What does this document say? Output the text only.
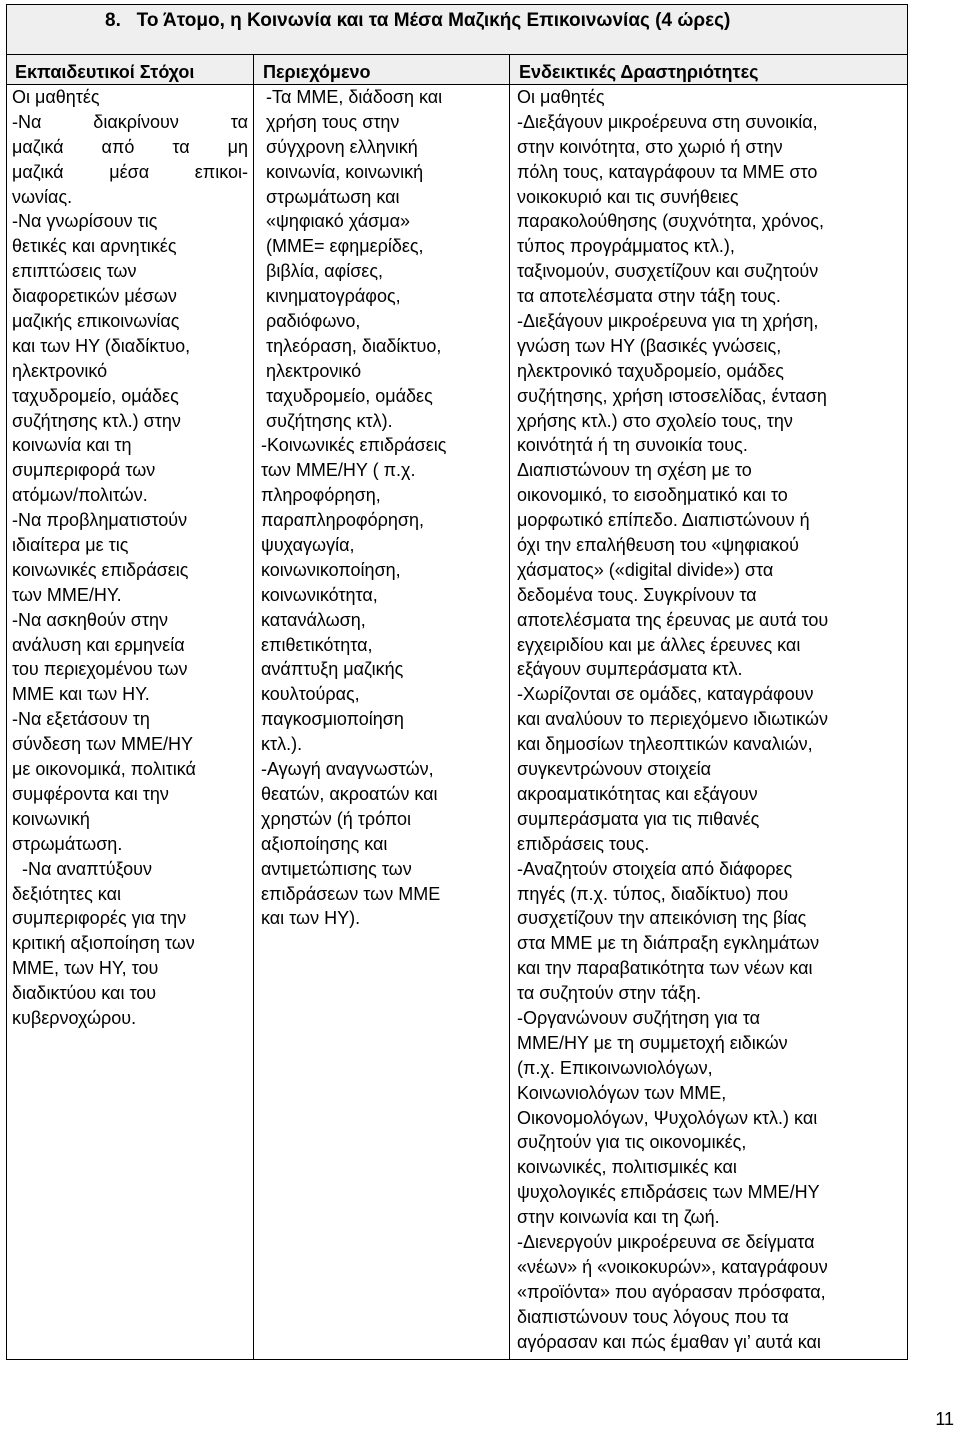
8.   Το Άτομο, η Κοινωνία και τα Μέσα Μαζικής Επικοινωνίας (4 ώρες)
Εκπαιδευτικοί Στόχοι	Περιεχόμενο	Ενδεικτικές Δραστηριότητες
Οι μαθητές
-Να διακρίνουν τα
μαζικά από τα μη
μαζικά μέσα επικοι-
νωνίας.
-Να γνωρίσουν τις
θετικές και αρνητικές
επιπτώσεις των
διαφορετικών μέσων
μαζικής επικοινωνίας
και των ΗΥ (διαδίκτυο,
ηλεκτρονικό
ταχυδρομείο, ομάδες
συζήτησης κτλ.) στην
κοινωνία και τη
συμπεριφορά των
ατόμων/πολιτών.
-Να προβληματιστούν
ιδιαίτερα με τις
κοινωνικές επιδράσεις
των ΜΜΕ/ΗΥ.
-Να ασκηθούν στην
ανάλυση και ερμηνεία
του περιεχομένου των
ΜΜΕ και των ΗΥ.
-Να εξετάσουν τη
σύνδεση των ΜΜΕ/ΗΥ
με οικονομικά, πολιτικά
συμφέροντα και την
κοινωνική
στρωμάτωση.
-Να αναπτύξουν
δεξιότητες και
συμπεριφορές για την
κριτική αξιοποίηση των
ΜΜΕ, των ΗΥ, του
διαδικτύου και του
κυβερνοχώρου.
-Τα ΜΜΕ, διάδοση και
χρήση τους στην
σύγχρονη ελληνική
κοινωνία, κοινωνική
στρωμάτωση και
«ψηφιακό χάσμα»
(ΜΜΕ= εφημερίδες,
βιβλία, αφίσες,
κινηματογράφος,
ραδιόφωνο,
τηλεόραση, διαδίκτυο,
ηλεκτρονικό
ταχυδρομείο, ομάδες
συζήτησης κτλ).
-Κοινωνικές επιδράσεις
των ΜΜΕ/ΗΥ ( π.χ.
πληροφόρηση,
παραπληροφόρηση,
ψυχαγωγία,
κοινωνικοποίηση,
κοινωνικότητα,
κατανάλωση,
επιθετικότητα,
ανάπτυξη μαζικής
κουλτούρας,
παγκοσμιοποίηση
κτλ.).
-Αγωγή αναγνωστών,
θεατών, ακροατών και
χρηστών (ή τρόποι
αξιοποίησης και
αντιμετώπισης των
επιδράσεων των ΜΜΕ
και των ΗΥ).
Οι μαθητές
-Διεξάγουν μικροέρευνα στη συνοικία,
στην κοινότητα, στο χωριό ή στην
πόλη τους, καταγράφουν τα ΜΜΕ στο
νοικοκυριό και τις συνήθειες
παρακολούθησης (συχνότητα, χρόνος,
τύπος προγράμματος κτλ.),
ταξινομούν, συσχετίζουν και συζητούν
τα αποτελέσματα στην τάξη τους.
-Διεξάγουν μικροέρευνα για τη χρήση,
γνώση των ΗΥ (βασικές γνώσεις,
ηλεκτρονικό ταχυδρομείο, ομάδες
συζήτησης, χρήση ιστοσελίδας, ένταση
χρήσης κτλ.) στο σχολείο τους, την
κοινότητά ή τη συνοικία τους.
Διαπιστώνουν τη σχέση με το
οικονομικό, το εισοδηματικό και το
μορφωτικό επίπεδο. Διαπιστώνουν ή
όχι την επαλήθευση του «ψηφιακού
χάσματος» («digital divide») στα
δεδομένα τους. Συγκρίνουν τα
αποτελέσματα της έρευνας με αυτά του
εγχειριδίου και με άλλες έρευνες και
εξάγουν συμπεράσματα κτλ.
-Χωρίζονται σε ομάδες, καταγράφουν
και αναλύουν το περιεχόμενο ιδιωτικών
και δημοσίων τηλεοπτικών καναλιών,
συγκεντρώνουν στοιχεία
ακροαματικότητας και εξάγουν
συμπεράσματα για τις πιθανές
επιδράσεις τους.
-Αναζητούν στοιχεία από διάφορες
πηγές (π.χ. τύπος, διαδίκτυο) που
συσχετίζουν την απεικόνιση της βίας
στα ΜΜΕ με τη διάπραξη εγκλημάτων
και την παραβατικότητα των νέων και
τα συζητούν στην τάξη.
-Οργανώνουν συζήτηση για τα
ΜΜΕ/ΗΥ με τη συμμετοχή ειδικών
(π.χ. Επικοινωνιολόγων,
Κοινωνιολόγων των ΜΜΕ,
Οικονομολόγων, Ψυχολόγων κτλ.) και
συζητούν για τις οικονομικές,
κοινωνικές, πολιτισμικές και
ψυχολογικές επιδράσεις των ΜΜΕ/ΗΥ
στην κοινωνία και τη ζωή.
-Διενεργούν μικροέρευνα σε δείγματα
«νέων» ή «νοικοκυρών», καταγράφουν
«προϊόντα» που αγόρασαν πρόσφατα,
διαπιστώνουν τους λόγους που τα
αγόρασαν και πώς έμαθαν γι’ αυτά και
11
